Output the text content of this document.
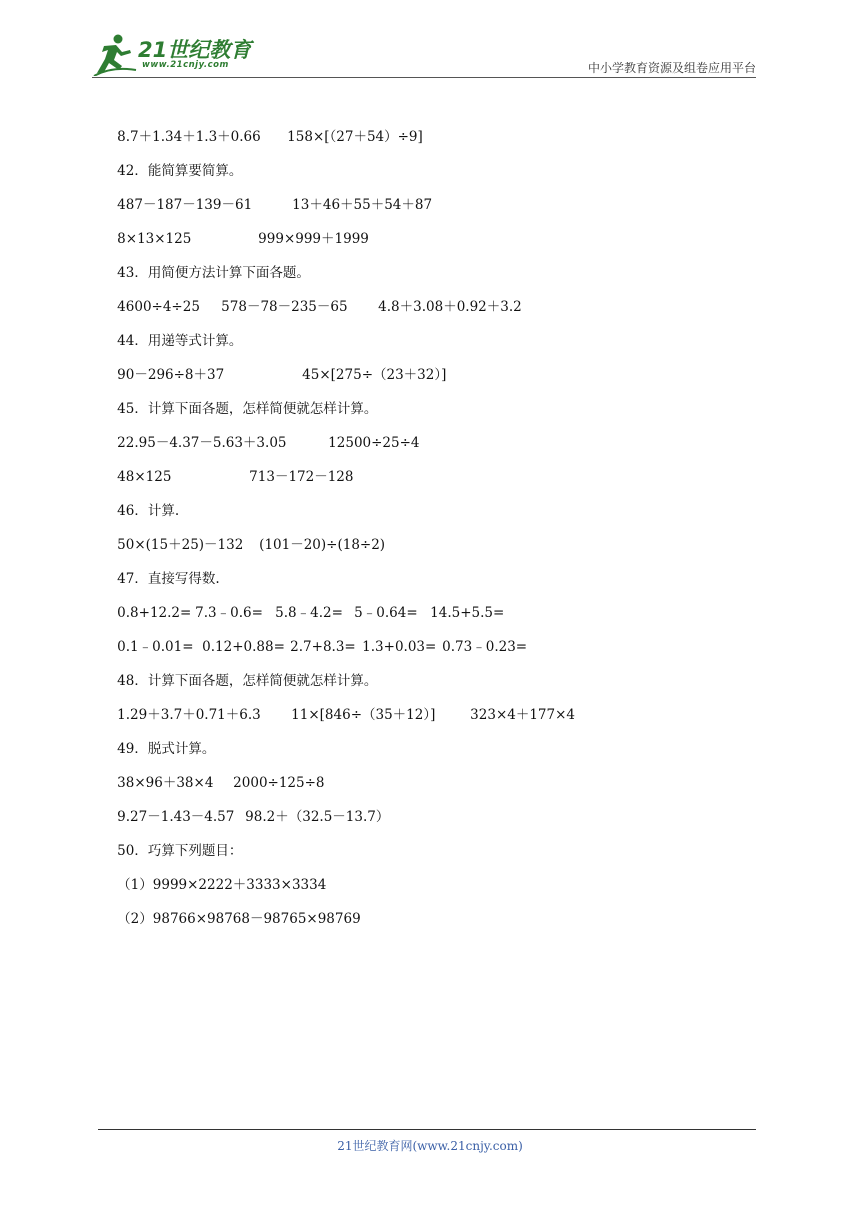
21世纪教育
www.21cnjy.com	中小学教育资源及组卷应用平台

8.7＋1.34＋1.3＋0.66 158×[（27＋54）÷9]

42．能简算要简算。

487－187－139－61	13＋46＋55＋54＋87

8×13×125	999×999＋1999

43．用简便方法计算下面各题。

4600÷4÷25 578－78－235－65 4.8＋3.08＋0.92＋3.2

44．用递等式计算。

90－296÷8＋37	45×[275÷（23＋32）]

45．计算下面各题，怎样简便就怎样计算。

22.95－4.37－5.63＋3.05	12500÷25÷4

48×125	713－172－128

46．计算.

50×(15＋25)－132 (101－20)÷(18÷2)

47．直接写得数.

0.8+12.2= 7.3﹣0.6= 5.8﹣4.2= 5﹣0.64= 14.5+5.5=

0.1﹣0.01= 0.12+0.88= 2.7+8.3= 1.3+0.03= 0.73﹣0.23=

48．计算下面各题，怎样简便就怎样计算。

1.29＋3.7＋0.71＋6.3 11×[846÷（35＋12）]	323×4＋177×4

49．脱式计算。

38×96＋38×4 2000÷125÷8

9.27－1.43－4.57 98.2＋（32.5－13.7）

50．巧算下列题目：

（1）9999×2222＋3333×3334

（2）98766×98768－98765×98769

21世纪教育网(www.21cnjy.com)
